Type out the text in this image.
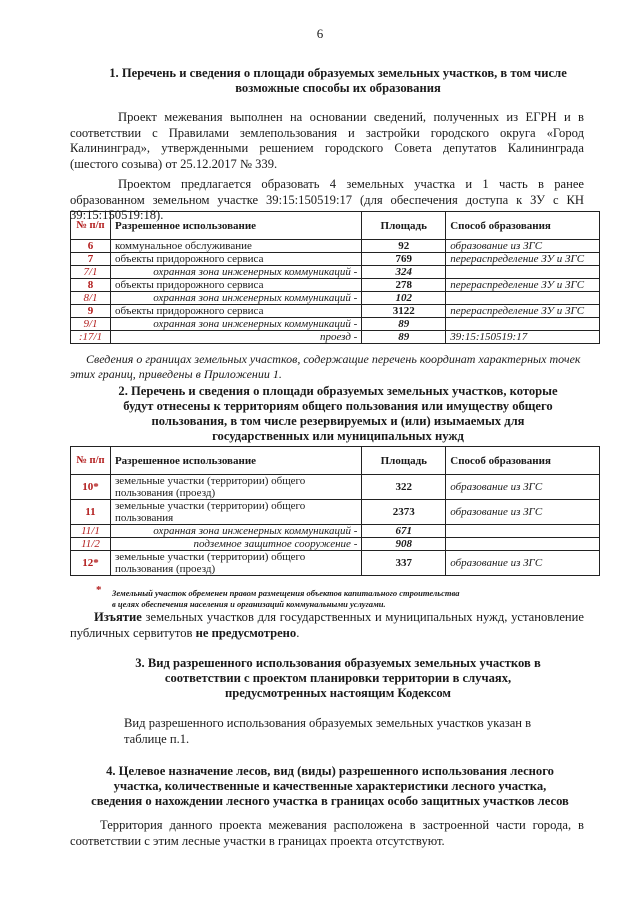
6
1. Перечень и сведения о площади образуемых земельных участков, в том числе
возможные способы их образования
Проект межевания выполнен на основании сведений, полученных из ЕГРН и в соответствии с Правилами землепользования и застройки городского округа «Город Калининград», утвержденными решением городского Совета депутатов Калининграда (шестого созыва) от 25.12.2017 № 339.
Проектом предлагается образовать 4 земельных участка и 1 часть в ранее образованном земельном участке 39:15:150519:17 (для обеспечения доступа к ЗУ с КН 39:15:150519:18).
№ п/п	Разрешенное использование	Площадь	Способ образования
6	коммунальное обслуживание	92	образование из ЗГС
7	объекты придорожного сервиса	769	перераспределение ЗУ и ЗГС
7/1	охранная зона инженерных коммуникаций -	324	
8	объекты придорожного сервиса	278	перераспределение ЗУ и ЗГС
8/1	охранная зона инженерных коммуникаций -	102	
9	объекты придорожного сервиса	3122	перераспределение ЗУ и ЗГС
9/1	охранная зона инженерных коммуникаций -	89	
:17/1	проезд -	89	39:15:150519:17
Сведения о границах земельных участков, содержащие перечень координат характерных точек этих границ, приведены в Приложении 1.
2. Перечень и сведения о площади образуемых земельных участков, которые
будут отнесены к территориям общего пользования или имуществу общего
пользования, в том числе резервируемых и (или) изымаемых для
государственных или муниципальных нужд
№ п/п	Разрешенное использование	Площадь	Способ образования
10*	земельные участки (территории) общего пользования (проезд)	322	образование из ЗГС
11	земельные участки (территории) общего пользования	2373	образование из ЗГС
11/1	охранная зона инженерных коммуникаций -	671	
11/2	подземное защитное сооружение -	908	
12*	земельные участки (территории) общего пользования (проезд)	337	образование из ЗГС
* Земельный участок обременен правом размещения объектов капитального строительства
в целях обеспечения населения и организаций коммунальными услугами.
Изъятие земельных участков для государственных и муниципальных нужд, установление публичных сервитутов не предусмотрено.
3. Вид разрешенного использования образуемых земельных участков в
соответствии с проектом планировки территории в случаях,
предусмотренных настоящим Кодексом
Вид разрешенного использования образуемых земельных участков указан в
таблице п.1.
4. Целевое назначение лесов, вид (виды) разрешенного использования лесного
участка, количественные и качественные характеристики лесного участка,
сведения о нахождении лесного участка в границах особо защитных участков лесов
Территория данного проекта межевания расположена в застроенной части города, в соответствии с этим лесные участки в границах проекта отсутствуют.
